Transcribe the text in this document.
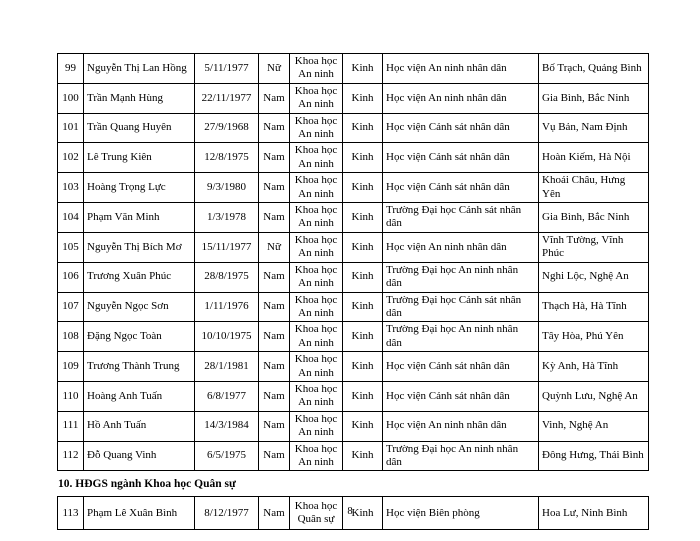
99	Nguyễn Thị Lan Hồng	5/11/1977	Nữ	Khoa học An ninh	Kinh	Học viện An ninh nhân dân	Bố Trạch, Quảng Bình
100	Trần Mạnh Hùng	22/11/1977	Nam	Khoa học An ninh	Kinh	Học viện An ninh nhân dân	Gia Bình, Bắc Ninh
101	Trần Quang Huyên	27/9/1968	Nam	Khoa học An ninh	Kinh	Học viện Cảnh sát nhân dân	Vụ Bản, Nam Định
102	Lê Trung Kiên	12/8/1975	Nam	Khoa học An ninh	Kinh	Học viện Cảnh sát nhân dân	Hoàn Kiếm, Hà Nội
103	Hoàng Trọng Lực	9/3/1980	Nam	Khoa học An ninh	Kinh	Học viện Cảnh sát nhân dân	Khoái Châu, Hưng Yên
104	Phạm Văn Minh	1/3/1978	Nam	Khoa học An ninh	Kinh	Trường Đại học Cảnh sát nhân dân	Gia Bình, Bắc Ninh
105	Nguyễn Thị Bích Mơ	15/11/1977	Nữ	Khoa học An ninh	Kinh	Học viện An ninh nhân dân	Vĩnh Tường, Vĩnh Phúc
106	Trương Xuân Phúc	28/8/1975	Nam	Khoa học An ninh	Kinh	Trường Đại học An ninh nhân dân	Nghi Lộc, Nghệ An
107	Nguyễn Ngọc Sơn	1/11/1976	Nam	Khoa học An ninh	Kinh	Trường Đại học Cảnh sát nhân dân	Thạch Hà, Hà Tĩnh
108	Đặng Ngọc Toàn	10/10/1975	Nam	Khoa học An ninh	Kinh	Trường Đại học An ninh nhân dân	Tây Hòa, Phú Yên
109	Trương Thành Trung	28/1/1981	Nam	Khoa học An ninh	Kinh	Học viện Cảnh sát nhân dân	Kỳ Anh, Hà Tĩnh
110	Hoàng Anh Tuấn	6/8/1977	Nam	Khoa học An ninh	Kinh	Học viện Cảnh sát nhân dân	Quỳnh Lưu, Nghệ An
111	Hồ Anh Tuấn	14/3/1984	Nam	Khoa học An ninh	Kinh	Học viện An ninh nhân dân	Vinh, Nghệ An
112	Đỗ Quang Vinh	6/5/1975	Nam	Khoa học An ninh	Kinh	Trường Đại học An ninh nhân dân	Đông Hưng, Thái Bình
10. HĐGS ngành Khoa học Quân sự
113	Phạm Lê Xuân Bình	8/12/1977	Nam	Khoa học Quân sự	Kinh	Học viện Biên phòng	Hoa Lư, Ninh Bình
8
